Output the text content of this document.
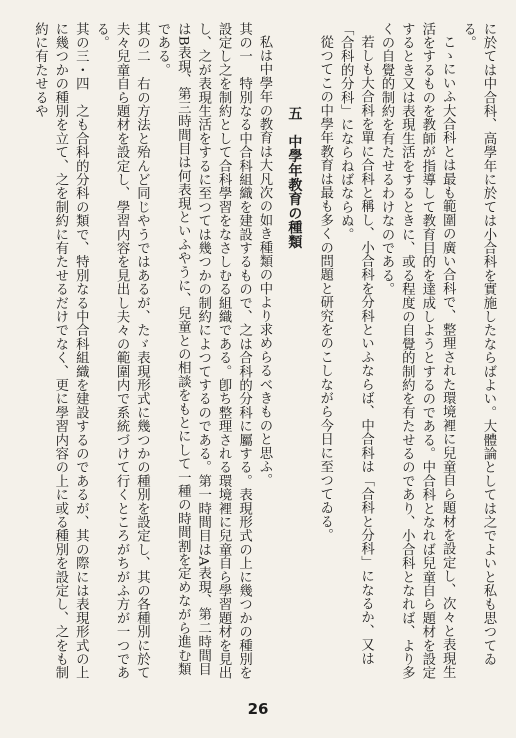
に於ては中合科、高學年に於ては小合科を實施したならばよい。大體論としては之でよいと私も思つてゐる。

こゝにいふ大合科とは最も範圍の廣い合科で、整理された環境裡に兒童自ら題材を設定し、次々と表現生活をするものを教師が指導して教育目的を達成しようとするのである。中合科となれば兒童自ら題材を設定するとき又は表現生活をするときに、或る程度の自覺的制約を有たせるのであり、小合科となれば、より多くの自覺的制約を有たせるわけなのである。

若しも大合科を單に合科と稱し、小合科を分科といふならば、中合科は「合科と分科」になるか、又は「合科的分科」にならねばならぬ。

從つてこの中學年教育は最も多くの問題と研究をのこしながら今日に至つてゐる。

五　中學年教育の種類

私は中學年の教育は大凡次の如き種類の中より求めらるべきものと思ふ。

其の一　特別なる中合科組織を建設するもので、之は合科的分科に屬する。表現形式の上に幾つかの種別を設定し之を制約として合科學習をなさしむる組織である。卽ち整理される環境裡に兒童自ら學習題材を見出し、之が表現生活をするに至つては幾つかの制約によつてするのである。第一時間目はA表現、第二時間目はB表現、第三時間目は何表現といふやうに、兒童との相談をもとにして一種の時間割を定めながら進む類である。

其の二　右の方法と殆んど同じやうではあるが、たゞ表現形式に幾つかの種別を設定し、其の各種別に於て夫々兒童自ら題材を設定し、學習内容を見出し夫々の範圍内で系統づけて行くところがちがふ方が一つである。

其の三・四　之も合科的分科の類で、特別なる中合科組織を建設するのであるが、其の際には表現形式の上に幾つかの種別を立て、之を制約に有たせるだけでなく、更に學習内容の上に或る種別を設定し、之をも制約に有たせるや

26
